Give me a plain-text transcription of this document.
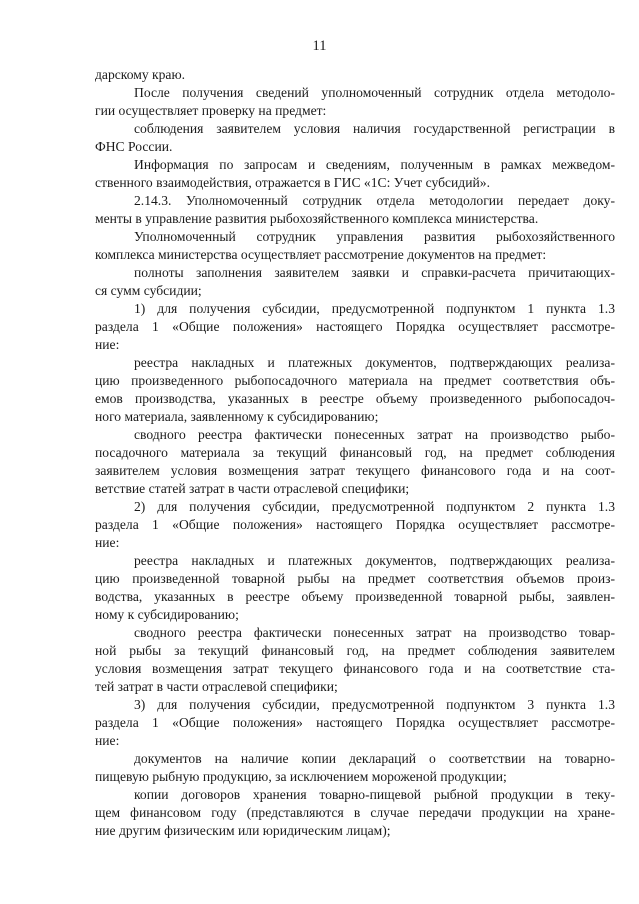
11
дарскому краю.
После получения сведений уполномоченный сотрудник отдела методоло-
гии осуществляет проверку на предмет:
соблюдения заявителем условия наличия государственной регистрации в
ФНС России.
Информация по запросам и сведениям, полученным в рамках межведом-
ственного взаимодействия, отражается в ГИС «1С: Учет субсидий».
2.14.3. Уполномоченный сотрудник отдела методологии передает доку-
менты в управление развития рыбохозяйственного комплекса министерства.
Уполномоченный сотрудник управления развития рыбохозяйственного
комплекса министерства осуществляет рассмотрение документов на предмет:
полноты заполнения заявителем заявки и справки-расчета причитающих-
ся сумм субсидии;
1) для получения субсидии, предусмотренной подпунктом 1 пункта 1.3
раздела 1 «Общие положения» настоящего Порядка осуществляет рассмотре-
ние:
реестра накладных и платежных документов, подтверждающих реализа-
цию произведенного рыбопосадочного материала на предмет соответствия объ-
емов производства, указанных в реестре объему произведенного рыбопосадоч-
ного материала, заявленному к субсидированию;
сводного реестра фактически понесенных затрат на производство рыбо-
посадочного материала за текущий финансовый год, на предмет соблюдения
заявителем условия возмещения затрат текущего финансового года и на соот-
ветствие статей затрат в части отраслевой специфики;
2) для получения субсидии, предусмотренной подпунктом 2 пункта 1.3
раздела 1 «Общие положения» настоящего Порядка осуществляет рассмотре-
ние:
реестра накладных и платежных документов, подтверждающих реализа-
цию произведенной товарной рыбы на предмет соответствия объемов произ-
водства, указанных в реестре объему произведенной товарной рыбы, заявлен-
ному к субсидированию;
сводного реестра фактически понесенных затрат на производство товар-
ной рыбы за текущий финансовый год, на предмет соблюдения заявителем
условия возмещения затрат текущего финансового года и на соответствие ста-
тей затрат в части отраслевой специфики;
3) для получения субсидии, предусмотренной подпунктом 3 пункта 1.3
раздела 1 «Общие положения» настоящего Порядка осуществляет рассмотре-
ние:
документов на наличие копии деклараций о соответствии на товарно-
пищевую рыбную продукцию, за исключением мороженой продукции;
копии договоров хранения товарно-пищевой рыбной продукции в теку-
щем финансовом году (представляются в случае передачи продукции на хране-
ние другим физическим или юридическим лицам);
